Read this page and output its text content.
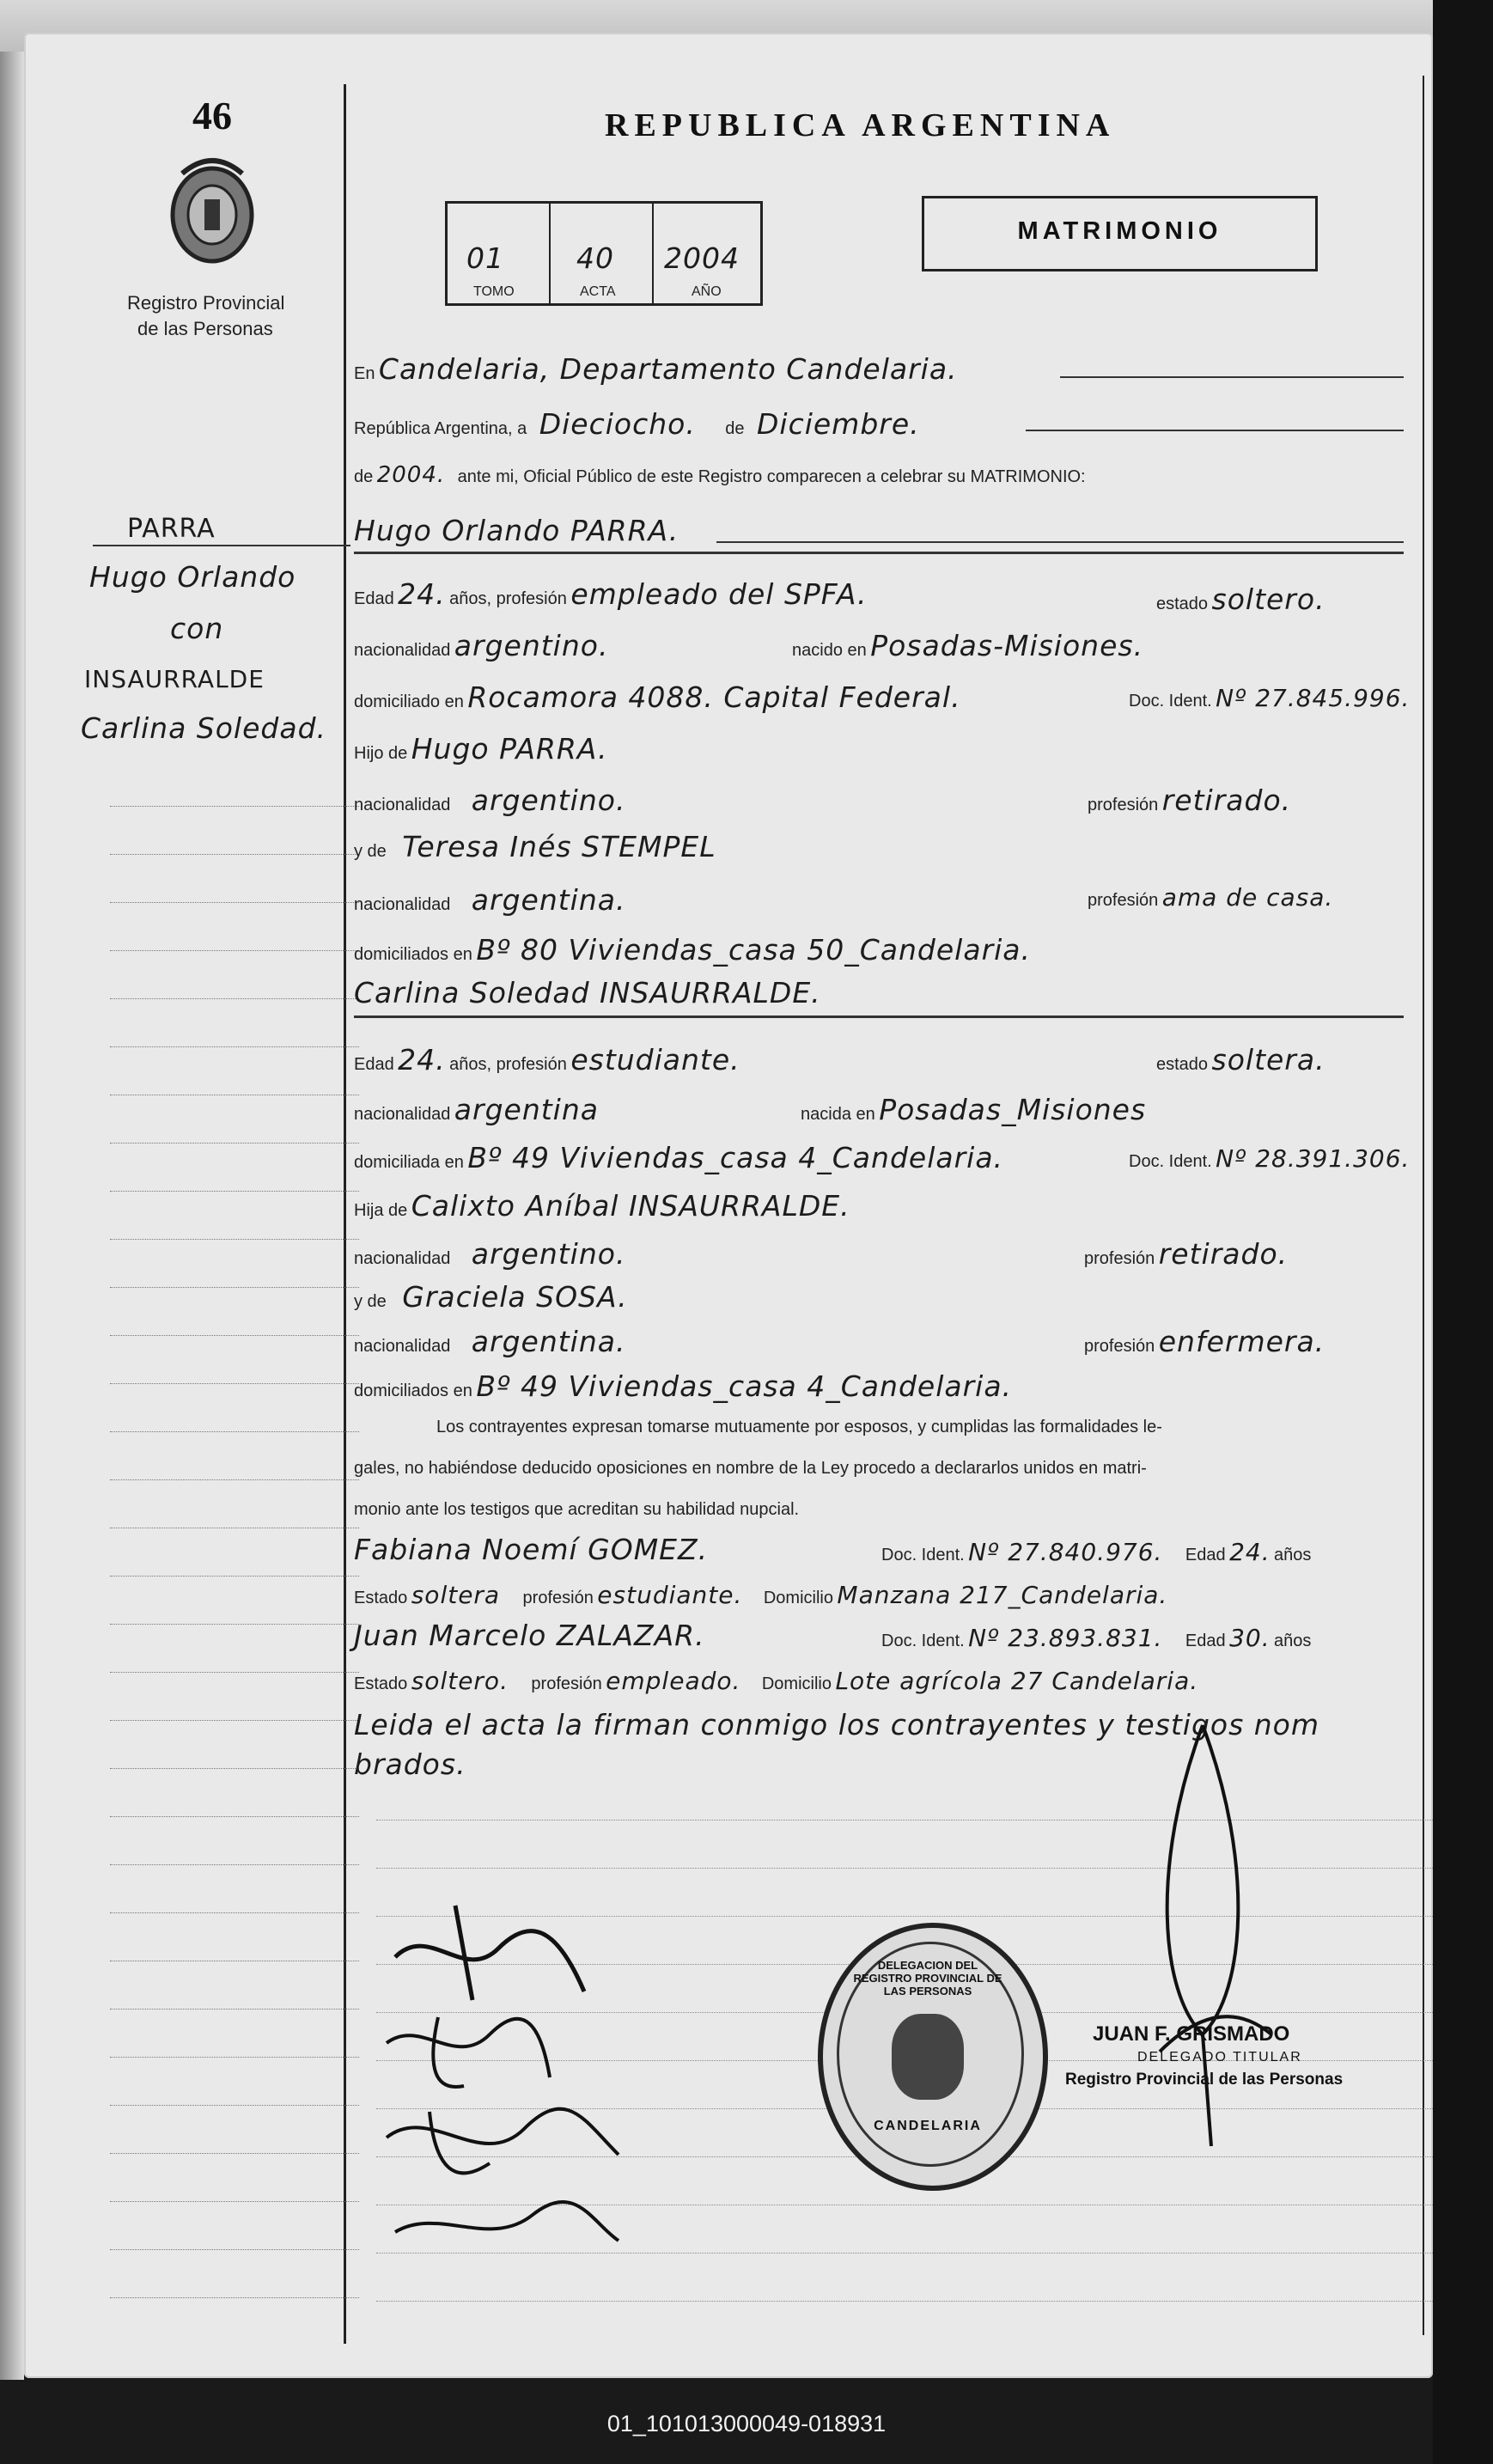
46
Registro Provincial
de las Personas
REPUBLICA ARGENTINA
MATRIMONIO
01
TOMO
40
ACTA
2004
AÑO
PARRA
Hugo Orlando
con
INSAURRALDE
Carlina Soledad.
En Candelaria, Departamento Candelaria.
República Argentina, a Dieciocho. de Diciembre.
de 2004. ante mi, Oficial Público de este Registro comparecen a celebrar su MATRIMONIO:
Hugo Orlando PARRA.
Edad 24. años, profesión empleado del SPFA.	estado soltero.
nacionalidad argentino.	nacido en Posadas-Misiones.
domiciliado en Rocamora 4088. Capital Federal.	Doc. Ident. Nº 27.845.996.
Hijo de Hugo PARRA.
nacionalidad argentino.	profesión retirado.
y de Teresa Inés STEMPEL
nacionalidad argentina.	profesión ama de casa.
domiciliados en Bº 80 Viviendas_casa 50_Candelaria.
Carlina Soledad INSAURRALDE.
Edad 24. años, profesión estudiante.	estado soltera.
nacionalidad argentina	nacida en Posadas_Misiones
domiciliada en Bº 49 Viviendas_casa 4_Candelaria.	Doc. Ident. Nº 28.391.306.
Hija de Calixto Aníbal INSAURRALDE.
nacionalidad argentino.	profesión retirado.
y de Graciela SOSA.
nacionalidad argentina.	profesión enfermera.
domiciliados en Bº 49 Viviendas_casa 4_Candelaria.
Los contrayentes expresan tomarse mutuamente por esposos, y cumplidas las formalidades le-
gales, no habiéndose deducido oposiciones en nombre de la Ley procedo a declararlos unidos en matri-
monio ante los testigos que acreditan su habilidad nupcial.
Fabiana Noemí GOMEZ.	Doc. Ident. Nº 27.840.976. Edad 24. años
Estado soltera profesión estudiante. Domicilio Manzana 217_Candelaria.
Juan Marcelo ZALAZAR.	Doc. Ident. Nº 23.893.831. Edad 30. años
Estado soltero. profesión empleado. Domicilio Lote agrícola 27 Candelaria.
Leida el acta la firman conmigo los contrayentes y testigos nom
brados.
DELEGACION DEL REGISTRO PROVINCIAL DE LAS PERSONAS
CANDELARIA
JUAN F. GRISMADO
DELEGADO TITULAR
Registro Provincial de las Personas
01_101013000049-018931
